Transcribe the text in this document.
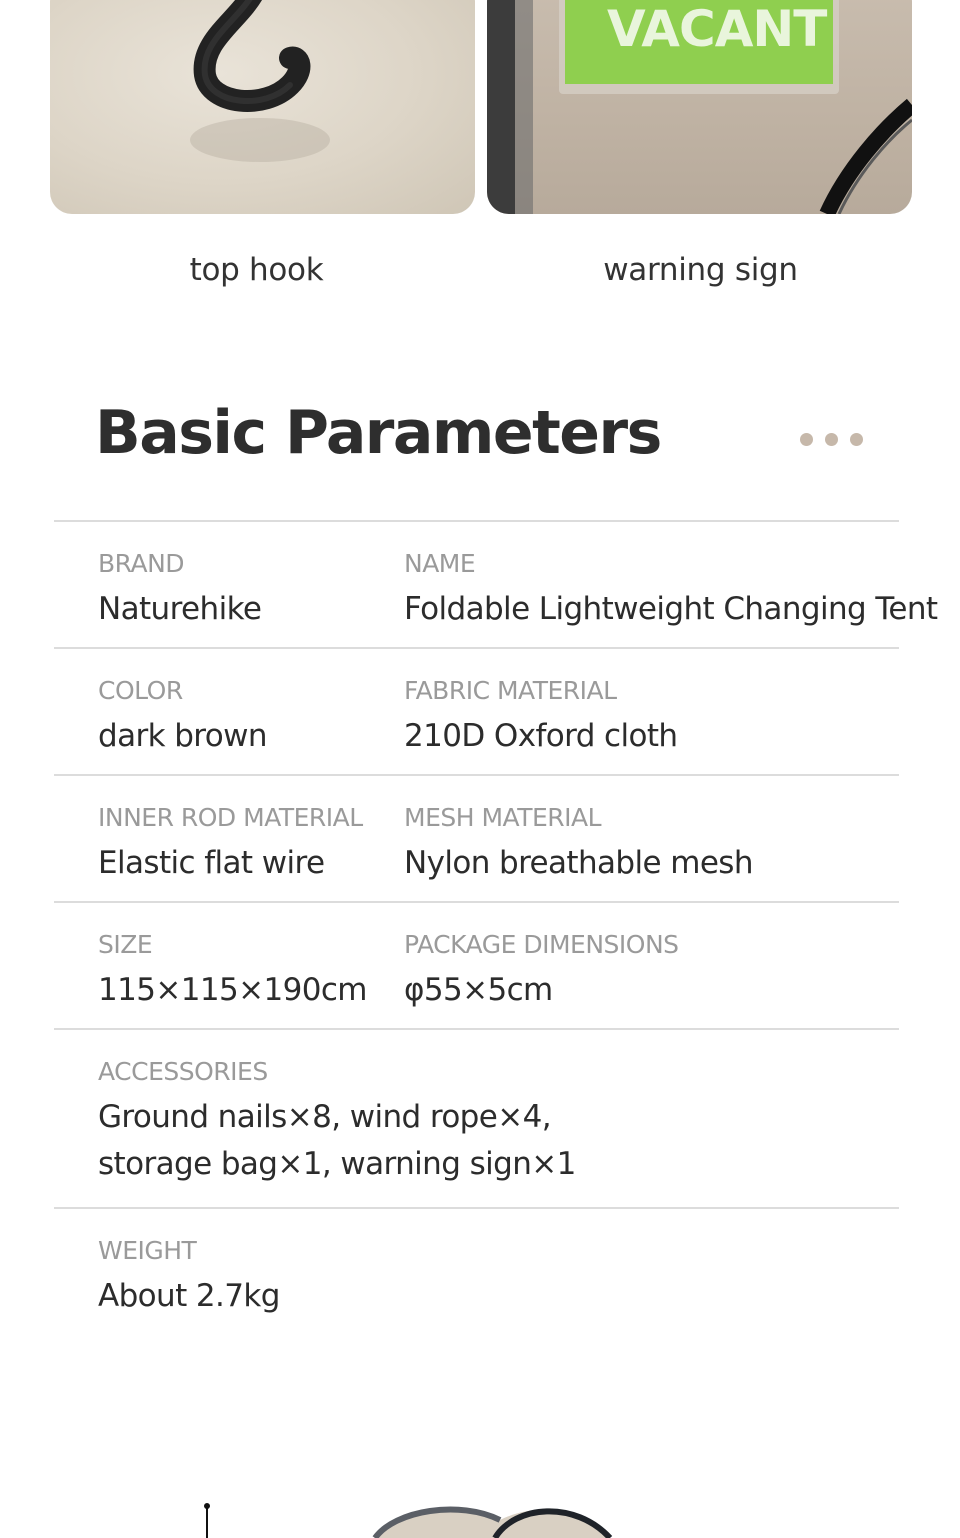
VACANT
top hook	warning sign
Basic Parameters
BRAND
Naturehike
NAME
Foldable Lightweight Changing Tent
COLOR
dark brown
FABRIC MATERIAL
210D Oxford cloth
INNER ROD MATERIAL
Elastic flat wire
MESH MATERIAL
Nylon breathable mesh
SIZE
115×115×190cm
PACKAGE DIMENSIONS
φ55×5cm
ACCESSORIES
Ground nails×8, wind rope×4,
storage bag×1, warning sign×1
WEIGHT
About 2.7kg
